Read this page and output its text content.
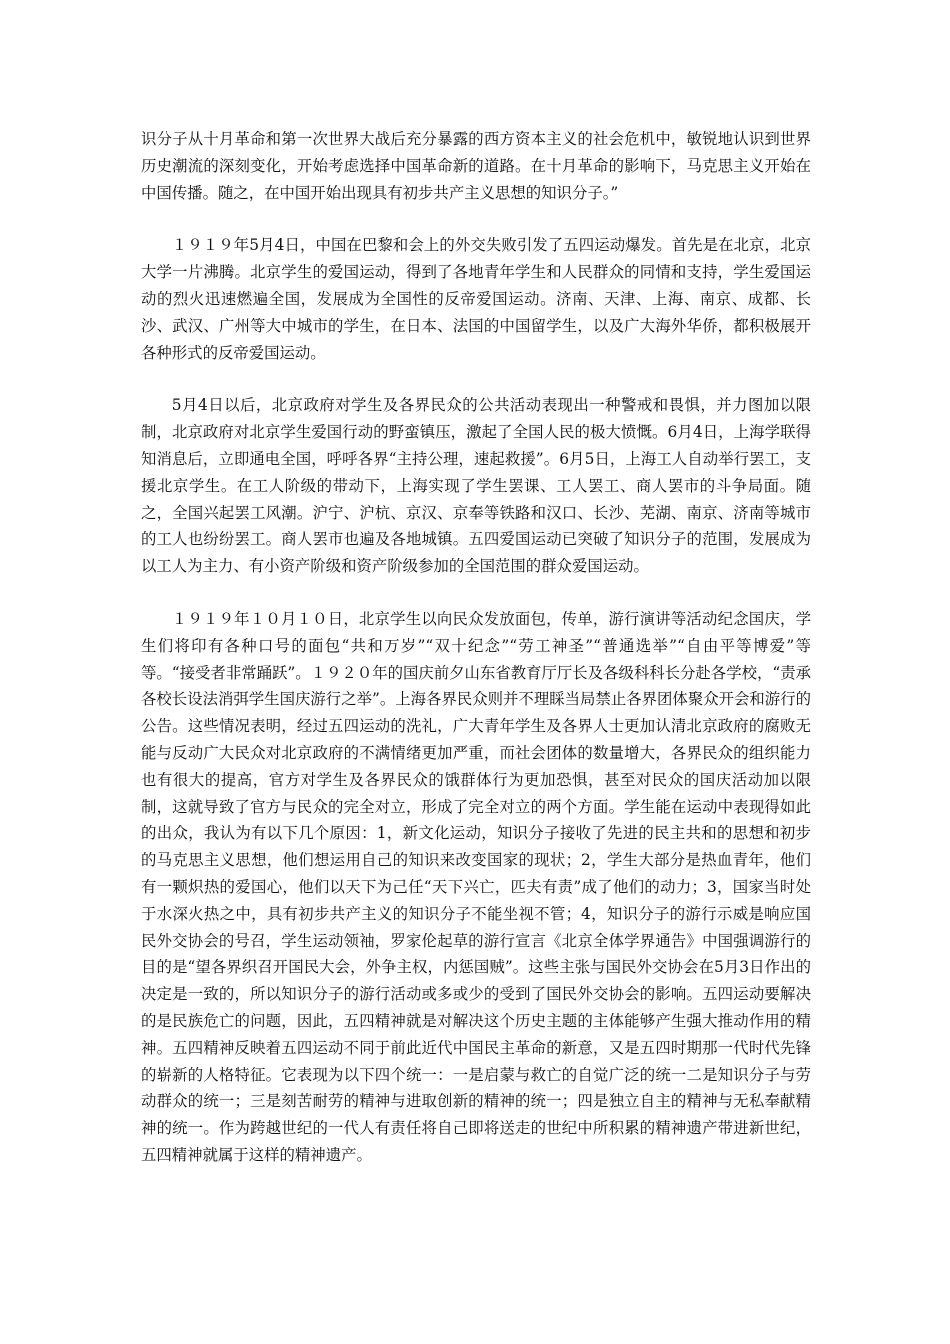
识分子从十月革命和第一次世界大战后充分暴露的西方资本主义的社会危机中，敏锐地认识到世界历史潮流的深刻变化，开始考虑选择中国革命新的道路。在十月革命的影响下，马克思主义开始在中国传播。随之，在中国开始出现具有初步共产主义思想的知识分子。”

１９１９年5月4日，中国在巴黎和会上的外交失败引发了五四运动爆发。首先是在北京，北京大学一片沸腾。北京学生的爱国运动，得到了各地青年学生和人民群众的同情和支持，学生爱国运动的烈火迅速燃遍全国，发展成为全国性的反帝爱国运动。济南、天津、上海、南京、成都、长沙、武汉、广州等大中城市的学生，在日本、法国的中国留学生，以及广大海外华侨，都积极展开各种形式的反帝爱国运动。

5月4日以后，北京政府对学生及各界民众的公共活动表现出一种警戒和畏惧，并力图加以限制，北京政府对北京学生爱国行动的野蛮镇压，激起了全国人民的极大愤慨。6月4日，上海学联得知消息后，立即通电全国，呼呼各界“主持公理，速起救援”。6月5日，上海工人自动举行罢工，支援北京学生。在工人阶级的带动下，上海实现了学生罢课、工人罢工、商人罢市的斗争局面。随之，全国兴起罢工风潮。沪宁、沪杭、京汉、京奉等铁路和汉口、长沙、芜湖、南京、济南等城市的工人也纷纷罢工。商人罢市也遍及各地城镇。五四爱国运动已突破了知识分子的范围，发展成为以工人为主力、有小资产阶级和资产阶级参加的全国范围的群众爱国运动。

１９１９年１０月１０日，北京学生以向民众发放面包，传单，游行演讲等活动纪念国庆，学生们将印有各种口号的面包“共和万岁”“双十纪念”“劳工神圣”“普通选举”“自由平等博爱”等等。“接受者非常踊跃”。１９２０年的国庆前夕山东省教育厅厅长及各级科科长分赴各学校，“责承各校长设法消弭学生国庆游行之举”。上海各界民众则并不理睬当局禁止各界团体聚众开会和游行的公告。这些情况表明，经过五四运动的洗礼，广大青年学生及各界人士更加认清北京政府的腐败无能与反动广大民众对北京政府的不满情绪更加严重，而社会团体的数量增大，各界民众的组织能力也有很大的提高，官方对学生及各界民众的饿群体行为更加恐惧，甚至对民众的国庆活动加以限制，这就导致了官方与民众的完全对立，形成了完全对立的两个方面。学生能在运动中表现得如此的出众，我认为有以下几个原因：1，新文化运动，知识分子接收了先进的民主共和的思想和初步的马克思主义思想，他们想运用自己的知识来改变国家的现状；2，学生大部分是热血青年，他们有一颗炽热的爱国心，他们以天下为己任“天下兴亡，匹夫有责”成了他们的动力；3，国家当时处于水深火热之中，具有初步共产主义的知识分子不能坐视不管；4，知识分子的游行示威是响应国民外交协会的号召，学生运动领袖，罗家伦起草的游行宣言《北京全体学界通告》中国强调游行的目的是“望各界织召开国民大会，外争主权，内惩国贼”。这些主张与国民外交协会在5月3日作出的决定是一致的，所以知识分子的游行活动或多或少的受到了国民外交协会的影响。五四运动要解决的是民族危亡的问题，因此，五四精神就是对解决这个历史主题的主体能够产生强大推动作用的精神。五四精神反映着五四运动不同于前此近代中国民主革命的新意，又是五四时期那一代时代先锋的崭新的人格特征。它表现为以下四个统一：一是启蒙与救亡的自觉广泛的统一二是知识分子与劳动群众的统一；三是刻苦耐劳的精神与进取创新的精神的统一；四是独立自主的精神与无私奉献精神的统一。作为跨越世纪的一代人有责任将自己即将送走的世纪中所积累的精神遗产带进新世纪，五四精神就属于这样的精神遗产。
